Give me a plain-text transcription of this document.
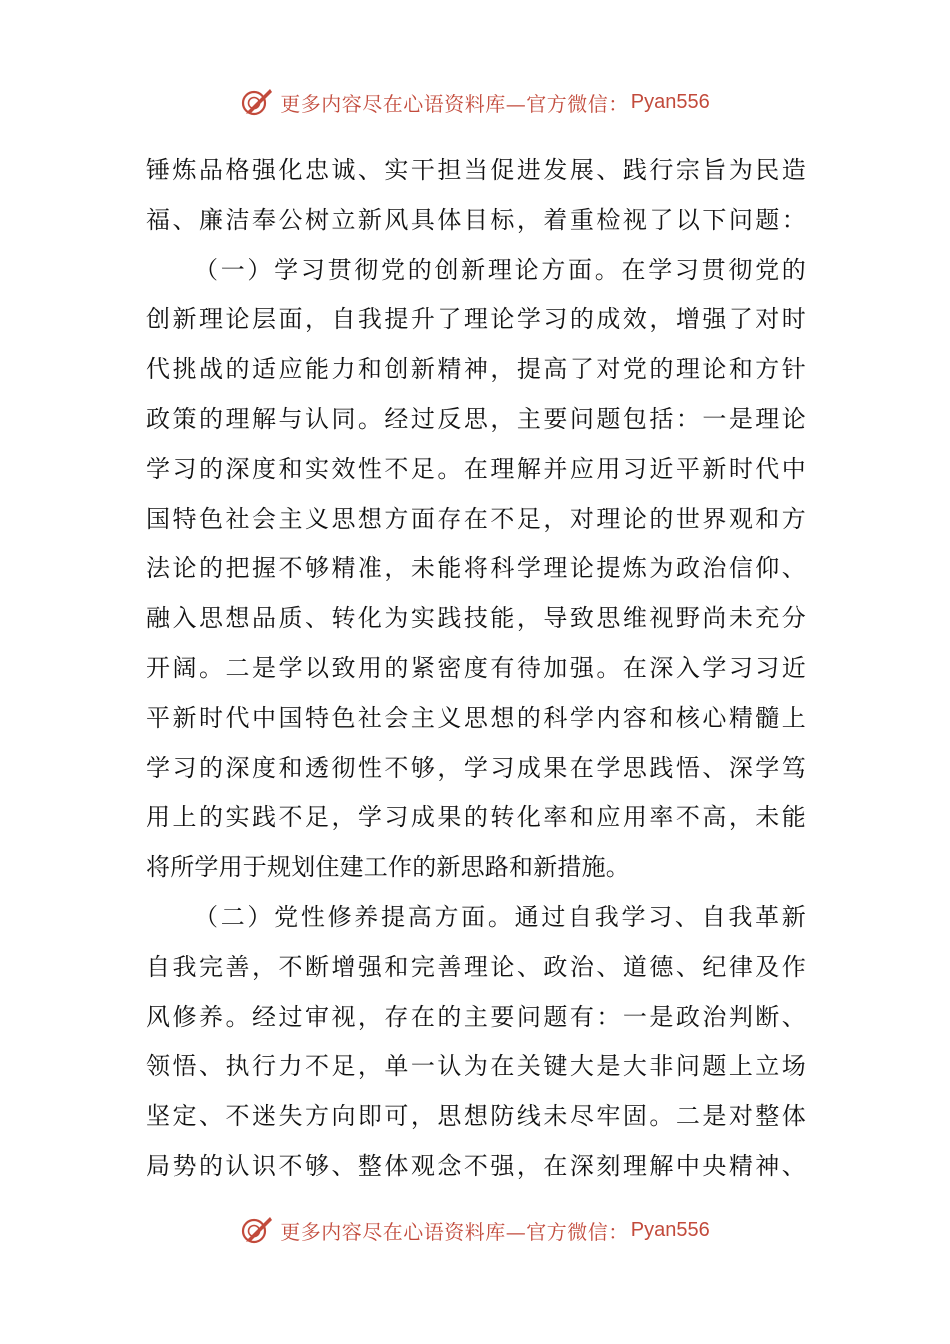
更多内容尽在心语资料库—官方微信： Pyan556
锤炼品格强化忠诚、实干担当促进发展、践行宗旨为民造
福、廉洁奉公树立新风具体目标，着重检视了以下问题：
（一）学习贯彻党的创新理论方面。在学习贯彻党的
创新理论层面，自我提升了理论学习的成效，增强了对时
代挑战的适应能力和创新精神，提高了对党的理论和方针
政策的理解与认同。经过反思，主要问题包括：一是理论
学习的深度和实效性不足。在理解并应用习近平新时代中
国特色社会主义思想方面存在不足，对理论的世界观和方
法论的把握不够精准，未能将科学理论提炼为政治信仰、
融入思想品质、转化为实践技能，导致思维视野尚未充分
开阔。二是学以致用的紧密度有待加强。在深入学习习近
平新时代中国特色社会主义思想的科学内容和核心精髓上
学习的深度和透彻性不够，学习成果在学思践悟、深学笃
用上的实践不足，学习成果的转化率和应用率不高，未能
将所学用于规划住建工作的新思路和新措施。
（二）党性修养提高方面。通过自我学习、自我革新
自我完善，不断增强和完善理论、政治、道德、纪律及作
风修养。经过审视，存在的主要问题有：一是政治判断、
领悟、执行力不足，单一认为在关键大是大非问题上立场
坚定、不迷失方向即可，思想防线未尽牢固。二是对整体
局势的认识不够、整体观念不强，在深刻理解中央精神、
更多内容尽在心语资料库—官方微信： Pyan556
